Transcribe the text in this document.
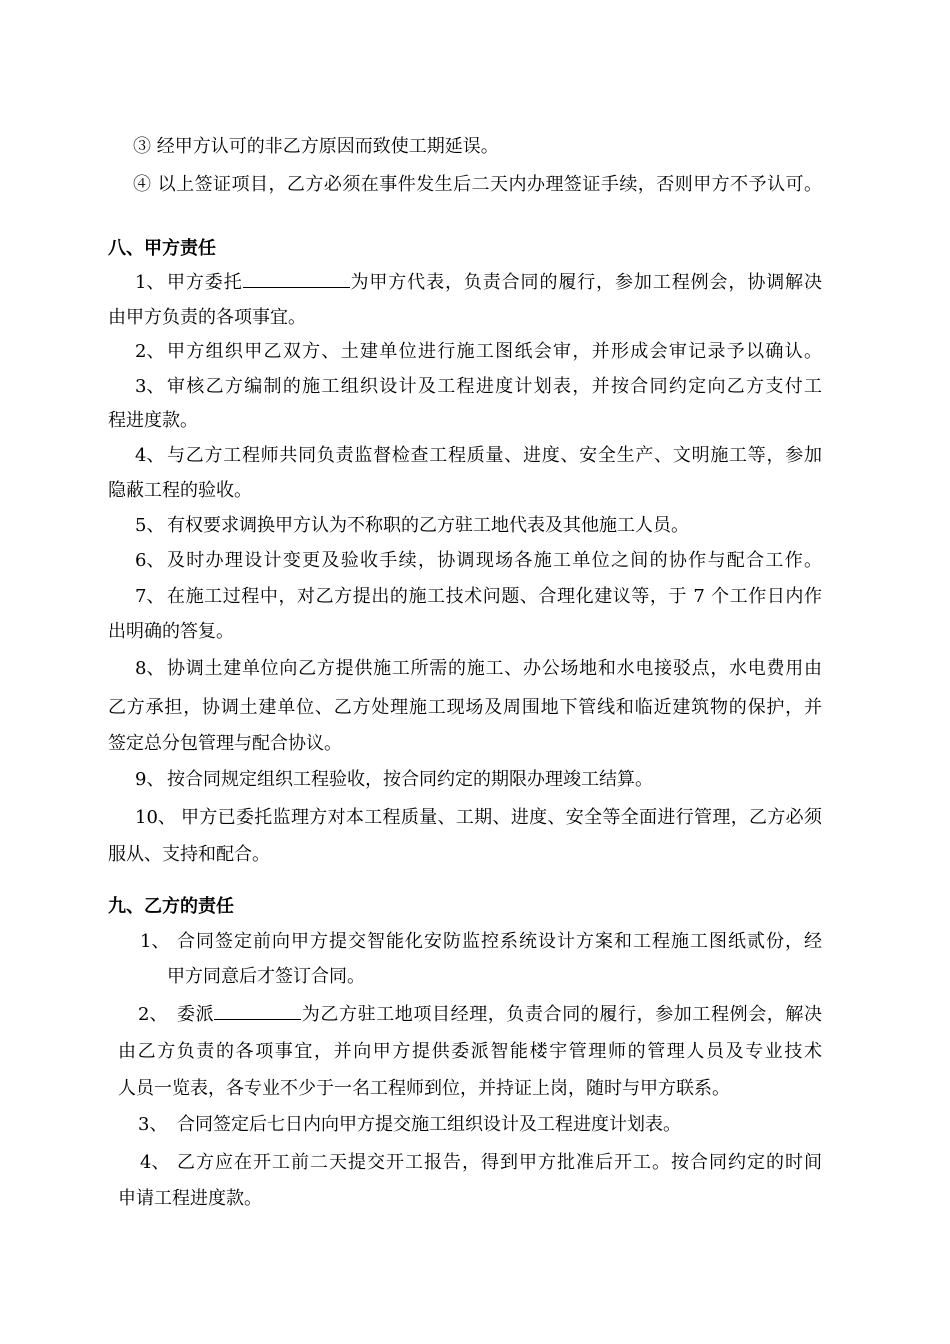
③ 经甲方认可的非乙方原因而致使工期延误。
④ 以上签证项目，乙方必须在事件发生后二天内办理签证手续，否则甲方不予认可。
八、甲方责任
1、 甲方委托	为甲方代表，负责合同的履行，参加工程例会，协调解决
由甲方负责的各项事宜。
2、 甲方组织甲乙双方、土建单位进行施工图纸会审，并形成会审记录予以确认。
3、 审核乙方编制的施工组织设计及工程进度计划表，并按合同约定向乙方支付工
程进度款。
4、 与乙方工程师共同负责监督检查工程质量、进度、安全生产、文明施工等，参加
隐蔽工程的验收。
5、 有权要求调换甲方认为不称职的乙方驻工地代表及其他施工人员。
6、 及时办理设计变更及验收手续，协调现场各施工单位之间的协作与配合工作。
7、 在施工过程中，对乙方提出的施工技术问题、合理化建议等，于 7 个工作日内作
出明确的答复。
8、 协调土建单位向乙方提供施工所需的施工、办公场地和水电接驳点，水电费用由
乙方承担，协调土建单位、乙方处理施工现场及周围地下管线和临近建筑物的保护，并
签定总分包管理与配合协议。
9、 按合同规定组织工程验收，按合同约定的期限办理竣工结算。
10、 甲方已委托监理方对本工程质量、工期、进度、安全等全面进行管理，乙方必须
服从、支持和配合。
九、乙方的责任
1、 合同签定前向甲方提交智能化安防监控系统设计方案和工程施工图纸贰份，经
甲方同意后才签订合同。
2、 委派	为乙方驻工地项目经理，负责合同的履行，参加工程例会，解决
由乙方负责的各项事宜，并向甲方提供委派智能楼宇管理师的管理人员及专业技术
人员一览表，各专业不少于一名工程师到位，并持证上岗，随时与甲方联系。
3、 合同签定后七日内向甲方提交施工组织设计及工程进度计划表。
4、 乙方应在开工前二天提交开工报告，得到甲方批准后开工。按合同约定的时间
申请工程进度款。
